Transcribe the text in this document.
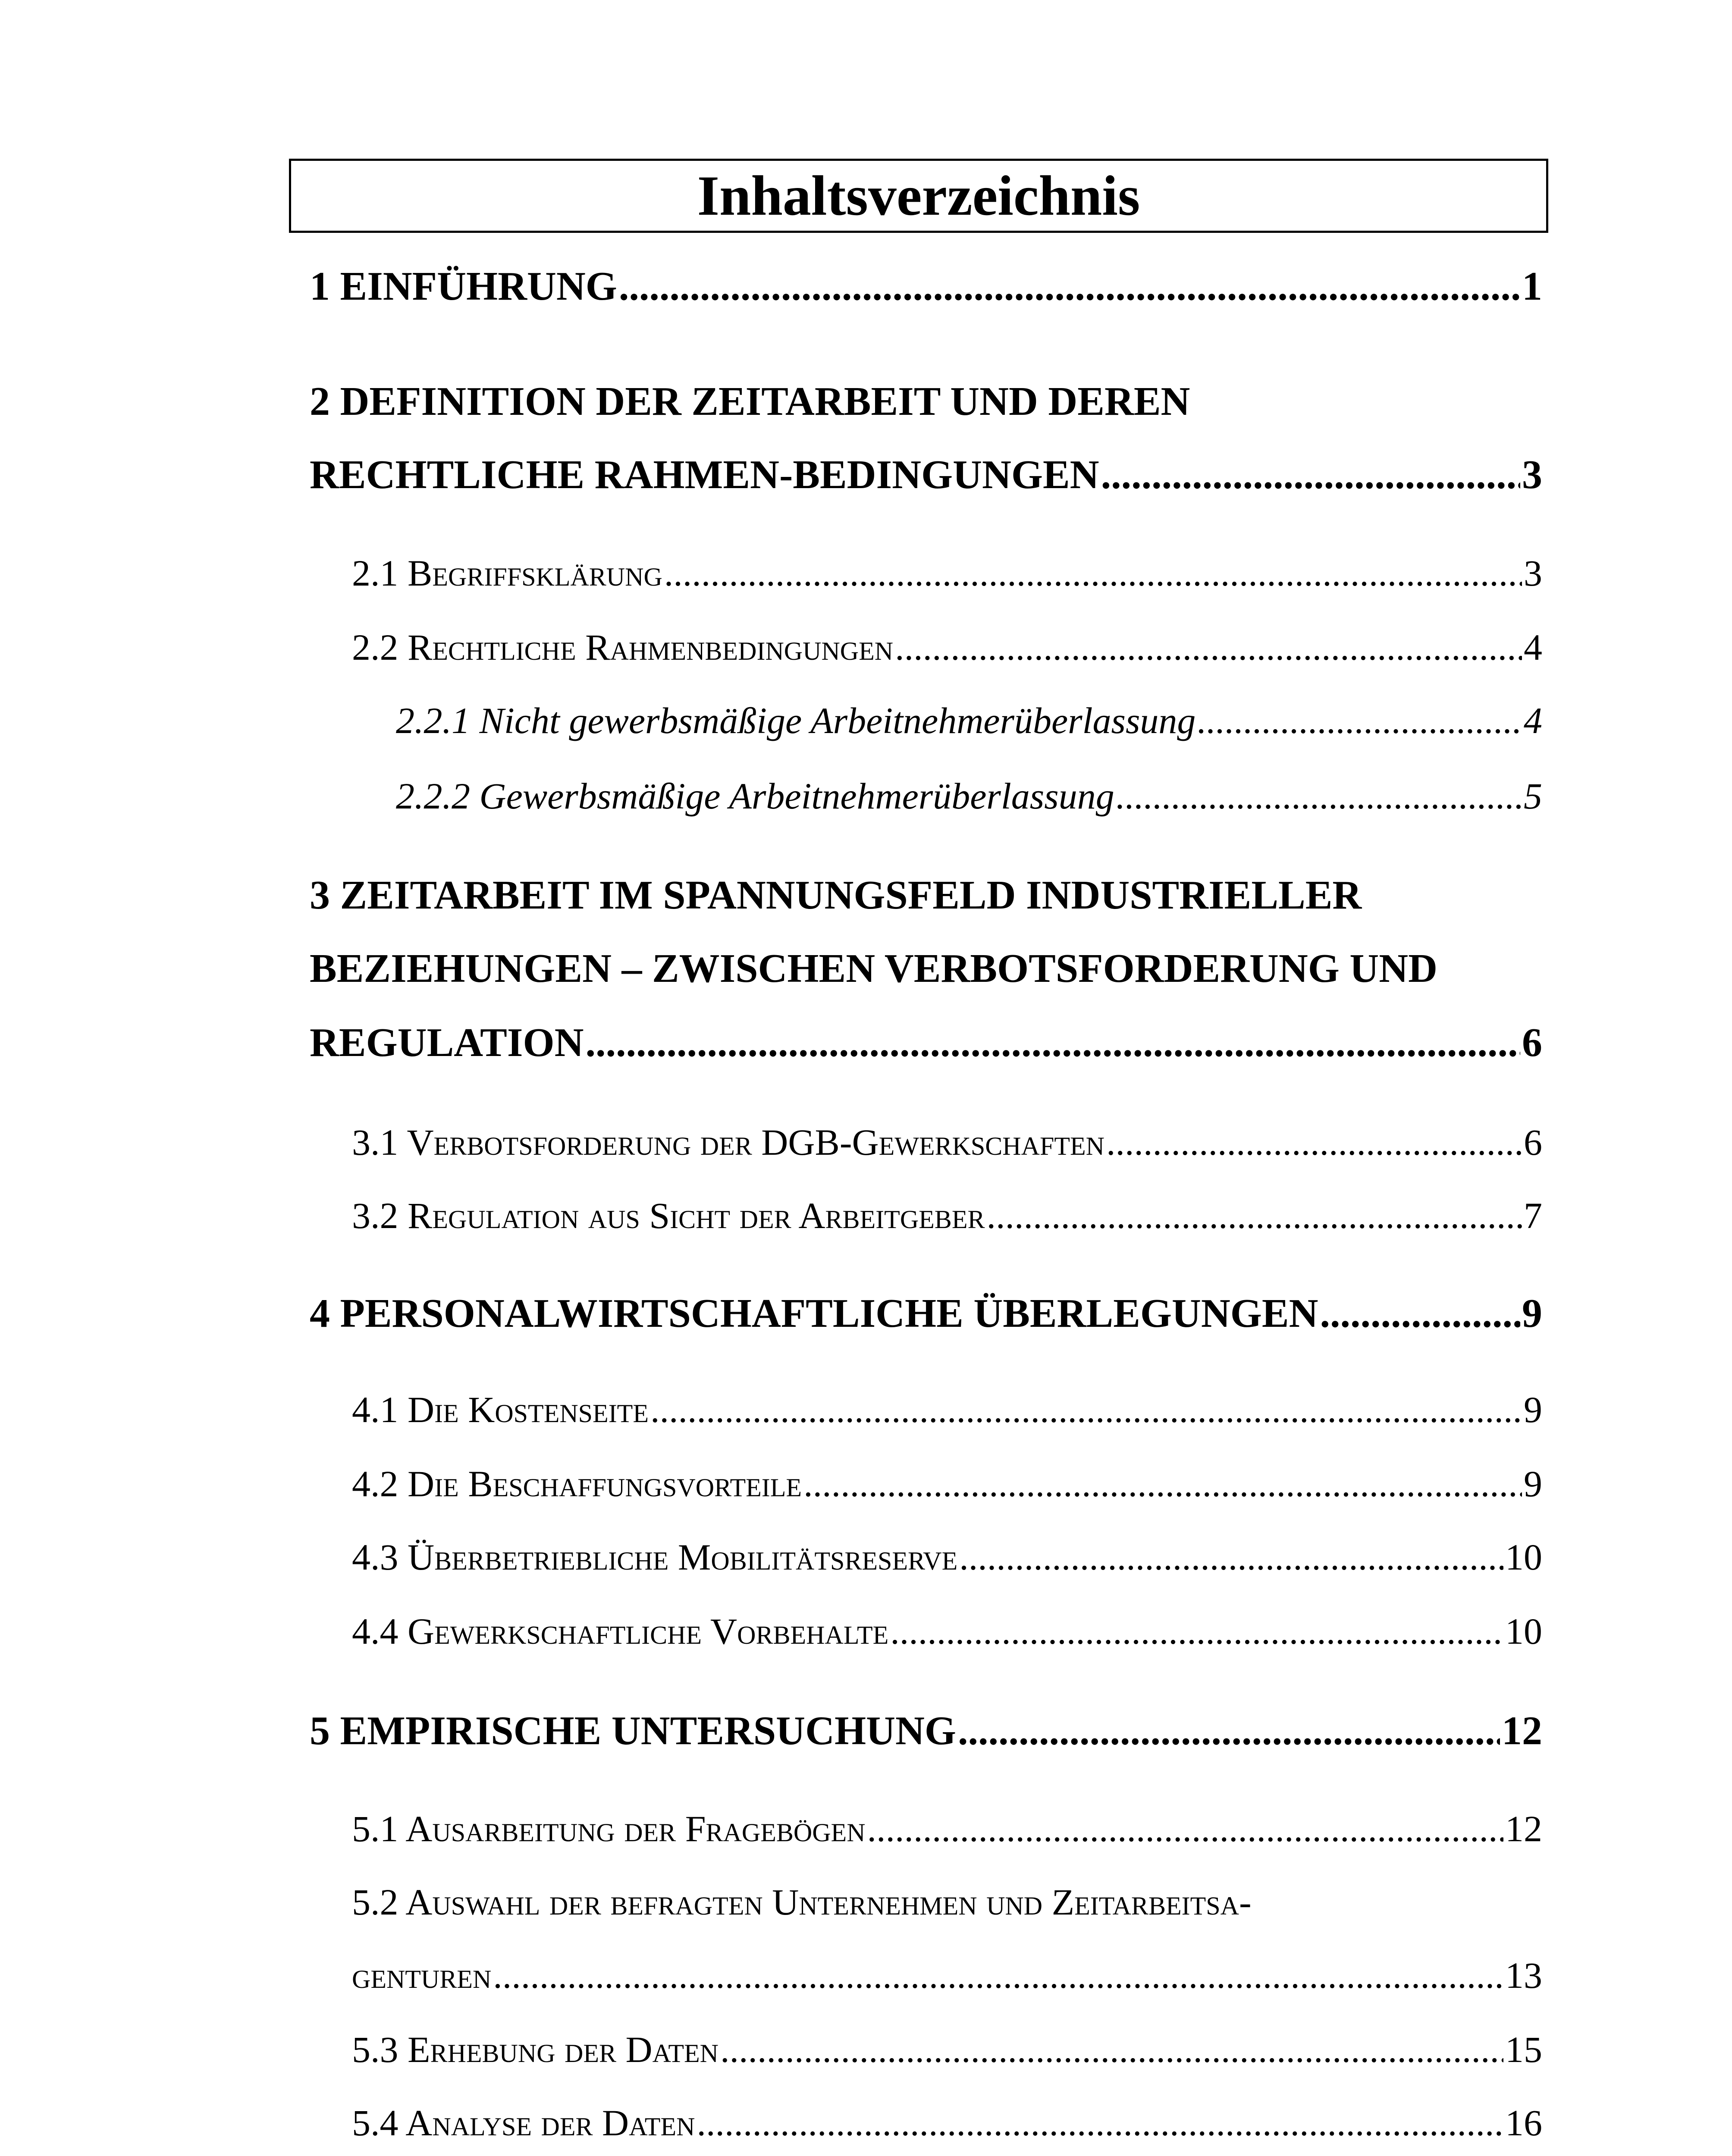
Inhaltsverzeichnis
1 EINFÜHRUNG .....	1
2 DEFINITION DER ZEITARBEIT UND DEREN
RECHTLICHE RAHMEN-BEDINGUNGEN .....	3
2.1 Begriffsklärung .....	3
2.2 Rechtliche Rahmenbedingungen .....	4
2.2.1 Nicht gewerbsmäßige Arbeitnehmerüberlassung .....	4
2.2.2 Gewerbsmäßige Arbeitnehmerüberlassung .....	5
3 ZEITARBEIT IM SPANNUNGSFELD INDUSTRIELLER
BEZIEHUNGEN – ZWISCHEN VERBOTSFORDERUNG UND
REGULATION .....	6
3.1 Verbotsforderung der DGB-Gewerkschaften .....	6
3.2 Regulation aus Sicht der Arbeitgeber .....	7
4 PERSONALWIRTSCHAFTLICHE ÜBERLEGUNGEN .....	9
4.1 Die Kostenseite .....	9
4.2 Die Beschaffungsvorteile .....	9
4.3 Überbetriebliche Mobilitätsreserve .....	10
4.4 Gewerkschaftliche Vorbehalte .....	10
5 EMPIRISCHE UNTERSUCHUNG .....	12
5.1 Ausarbeitung der Fragebögen .....	12
5.2 Auswahl der befragten Unternehmen und Zeitarbeitsa-
genturen .....	13
5.3 Erhebung der Daten .....	15
5.4 Analyse der Daten .....	16
